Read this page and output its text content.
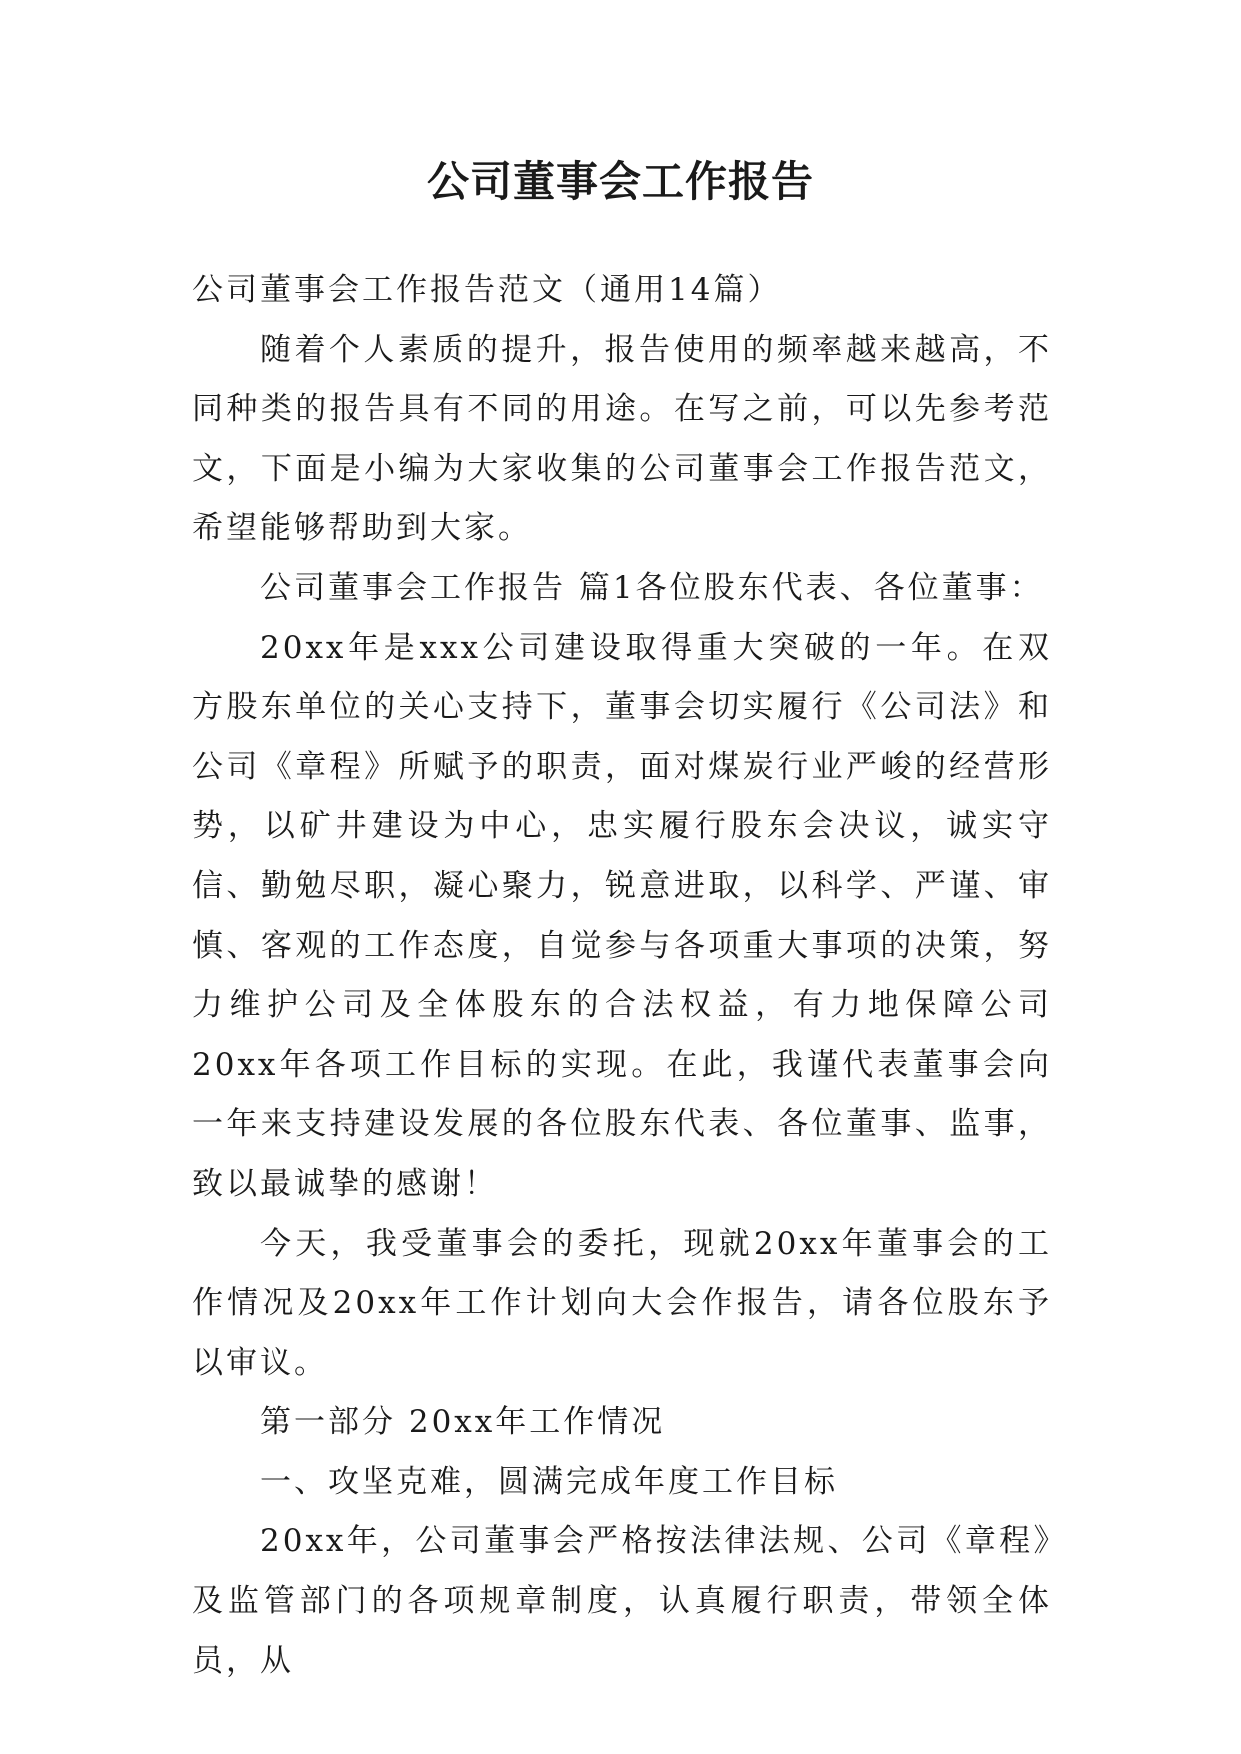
公司董事会工作报告

公司董事会工作报告范文（通用14篇）

随着个人素质的提升，报告使用的频率越来越高，不同种类的报告具有不同的用途。在写之前，可以先参考范文，下面是小编为大家收集的公司董事会工作报告范文，希望能够帮助到大家。

公司董事会工作报告 篇1各位股东代表、各位董事：

20xx年是xxx公司建设取得重大突破的一年。在双方股东单位的关心支持下，董事会切实履行《公司法》和公司《章程》所赋予的职责，面对煤炭行业严峻的经营形势，以矿井建设为中心，忠实履行股东会决议，诚实守信、勤勉尽职，凝心聚力，锐意进取，以科学、严谨、审慎、客观的工作态度，自觉参与各项重大事项的决策，努力维护公司及全体股东的合法权益，有力地保障公司20xx年各项工作目标的实现。在此，我谨代表董事会向一年来支持建设发展的各位股东代表、各位董事、监事，致以最诚挚的感谢！

今天，我受董事会的委托，现就20xx年董事会的工作情况及20xx年工作计划向大会作报告，请各位股东予以审议。

第一部分 20xx年工作情况

一、攻坚克难，圆满完成年度工作目标

20xx年，公司董事会严格按法律法规、公司《章程》及监管部门的各项规章制度，认真履行职责，带领全体员，从
